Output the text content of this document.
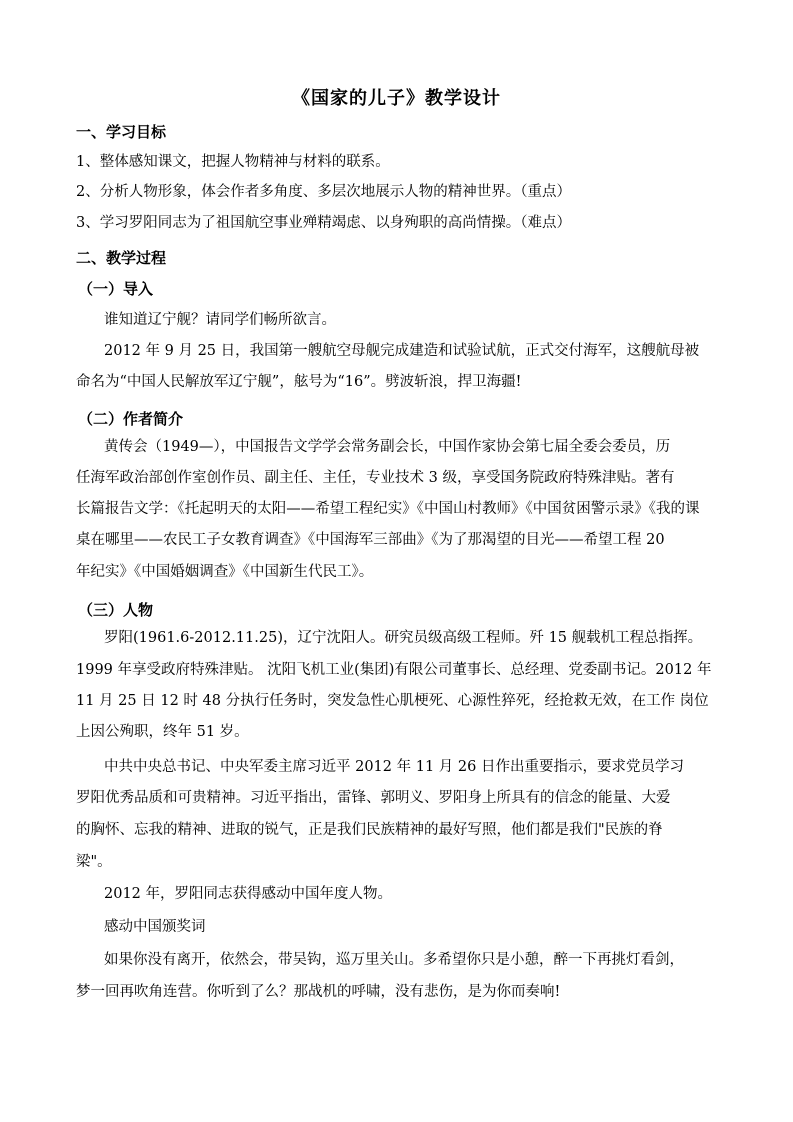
《国家的儿子》教学设计
一、学习目标
1、整体感知课文，把握人物精神与材料的联系。
2、分析人物形象，体会作者多角度、多层次地展示人物的精神世界。（重点）
3、学习罗阳同志为了祖国航空事业殚精竭虑、以身殉职的高尚情操。（难点）
二、教学过程
（一）导入
谁知道辽宁舰？请同学们畅所欲言。
2012 年 9 月 25 日，我国第一艘航空母舰完成建造和试验试航，正式交付海军，这艘航母被
命名为“中国人民解放军辽宁舰”，舷号为“16”。劈波斩浪，捍卫海疆!
（二）作者简介
黄传会（1949—），中国报告文学学会常务副会长，中国作家协会第七届全委会委员，历
任海军政治部创作室创作员、副主任、主任，专业技术 3 级，享受国务院政府特殊津贴。著有
长篇报告文学：《托起明天的太阳——希望工程纪实》《中国山村教师》《中国贫困警示录》《我的课
桌在哪里——农民工子女教育调查》《中国海军三部曲》《为了那渴望的目光——希望工程 20
年纪实》《中国婚姻调查》《中国新生代民工》。
（三）人物
罗阳(1961.6-2012.11.25)，辽宁沈阳人。研究员级高级工程师。歼 15 舰载机工程总指挥。
1999 年享受政府特殊津贴。 沈阳飞机工业(集团)有限公司董事长、总经理、党委副书记。2012 年
11 月 25 日 12 时 48 分执行任务时，突发急性心肌梗死、心源性猝死，经抢救无效，在工作 岗位
上因公殉职，终年 51 岁。
中共中央总书记、中央军委主席习近平 2012 年 11 月 26 日作出重要指示，要求党员学习
罗阳优秀品质和可贵精神。习近平指出，雷锋、郭明义、罗阳身上所具有的信念的能量、大爱
的胸怀、忘我的精神、进取的锐气，正是我们民族精神的最好写照，他们都是我们"民族的脊
梁"。
2012 年，罗阳同志获得感动中国年度人物。
感动中国颁奖词
如果你没有离开，依然会，带吴钩，巡万里关山。多希望你只是小憩，醉一下再挑灯看剑，
梦一回再吹角连营。你听到了么？那战机的呼啸，没有悲伤，是为你而奏响!
